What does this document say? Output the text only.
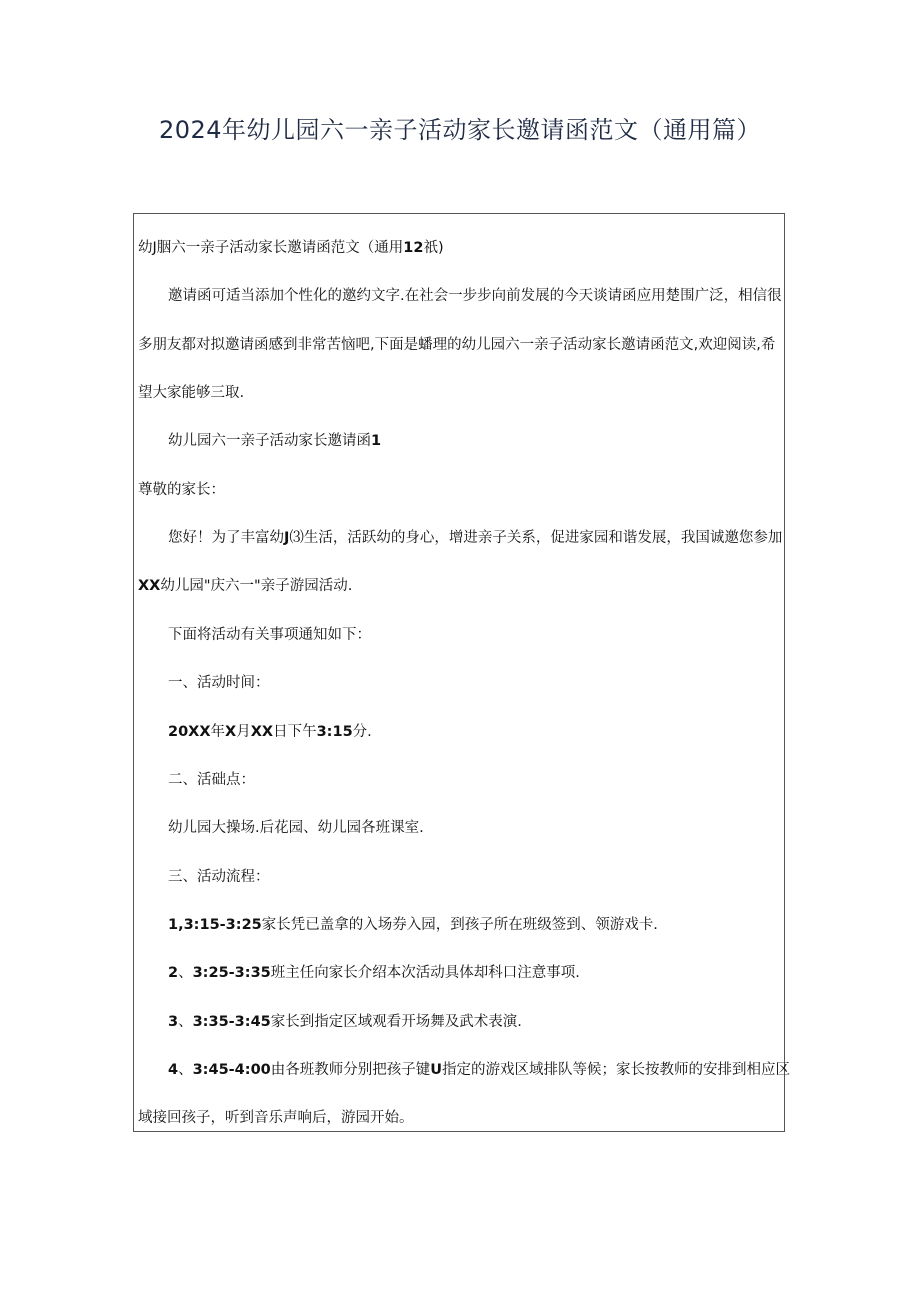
2024年幼儿园六一亲子活动家长邀请函范文（通用篇）
幼J胭六一亲子活动家长邀请函范文（通用12祇)
邀请函可适当添加个性化的邀约文字.在社会一步步向前发展的今天谈请函应用楚围广泛，相信很
多朋友都对拟邀请函感到非常苦恼吧,下面是蟠理的幼儿园六一亲子活动家长邀请函范文,欢迎阅读,希
望大家能够三取.
幼儿园六一亲子活动家长邀请函1
尊敬的家长：
您好！为了丰富幼J⑶生活，活跃幼的身心，增进亲子关系，促进家园和谐发展，我国诚邀您参加
XX幼儿园"庆六一"亲子游园活动.
下面将活动有关事项通知如下：
一、活动时间：
20XX年X月XX日下午3:15分.
二、活础点：
幼儿园大操场.后花园、幼儿园各班课室.
三、活动流程：
1,3:15-3:25家长凭已盖拿的入场券入园，到孩子所在班级签到、领游戏卡.
2、3:25-3:35班主任向家长介绍本次活动具体却科口注意事项.
3、3:35-3:45家长到指定区域观看开场舞及武术表演.
4、3:45-4:00由各班教师分别把孩子键U指定的游戏区域排队等候；家长按教师的安排到相应区
域接回孩子，听到音乐声响后，游园开始。
